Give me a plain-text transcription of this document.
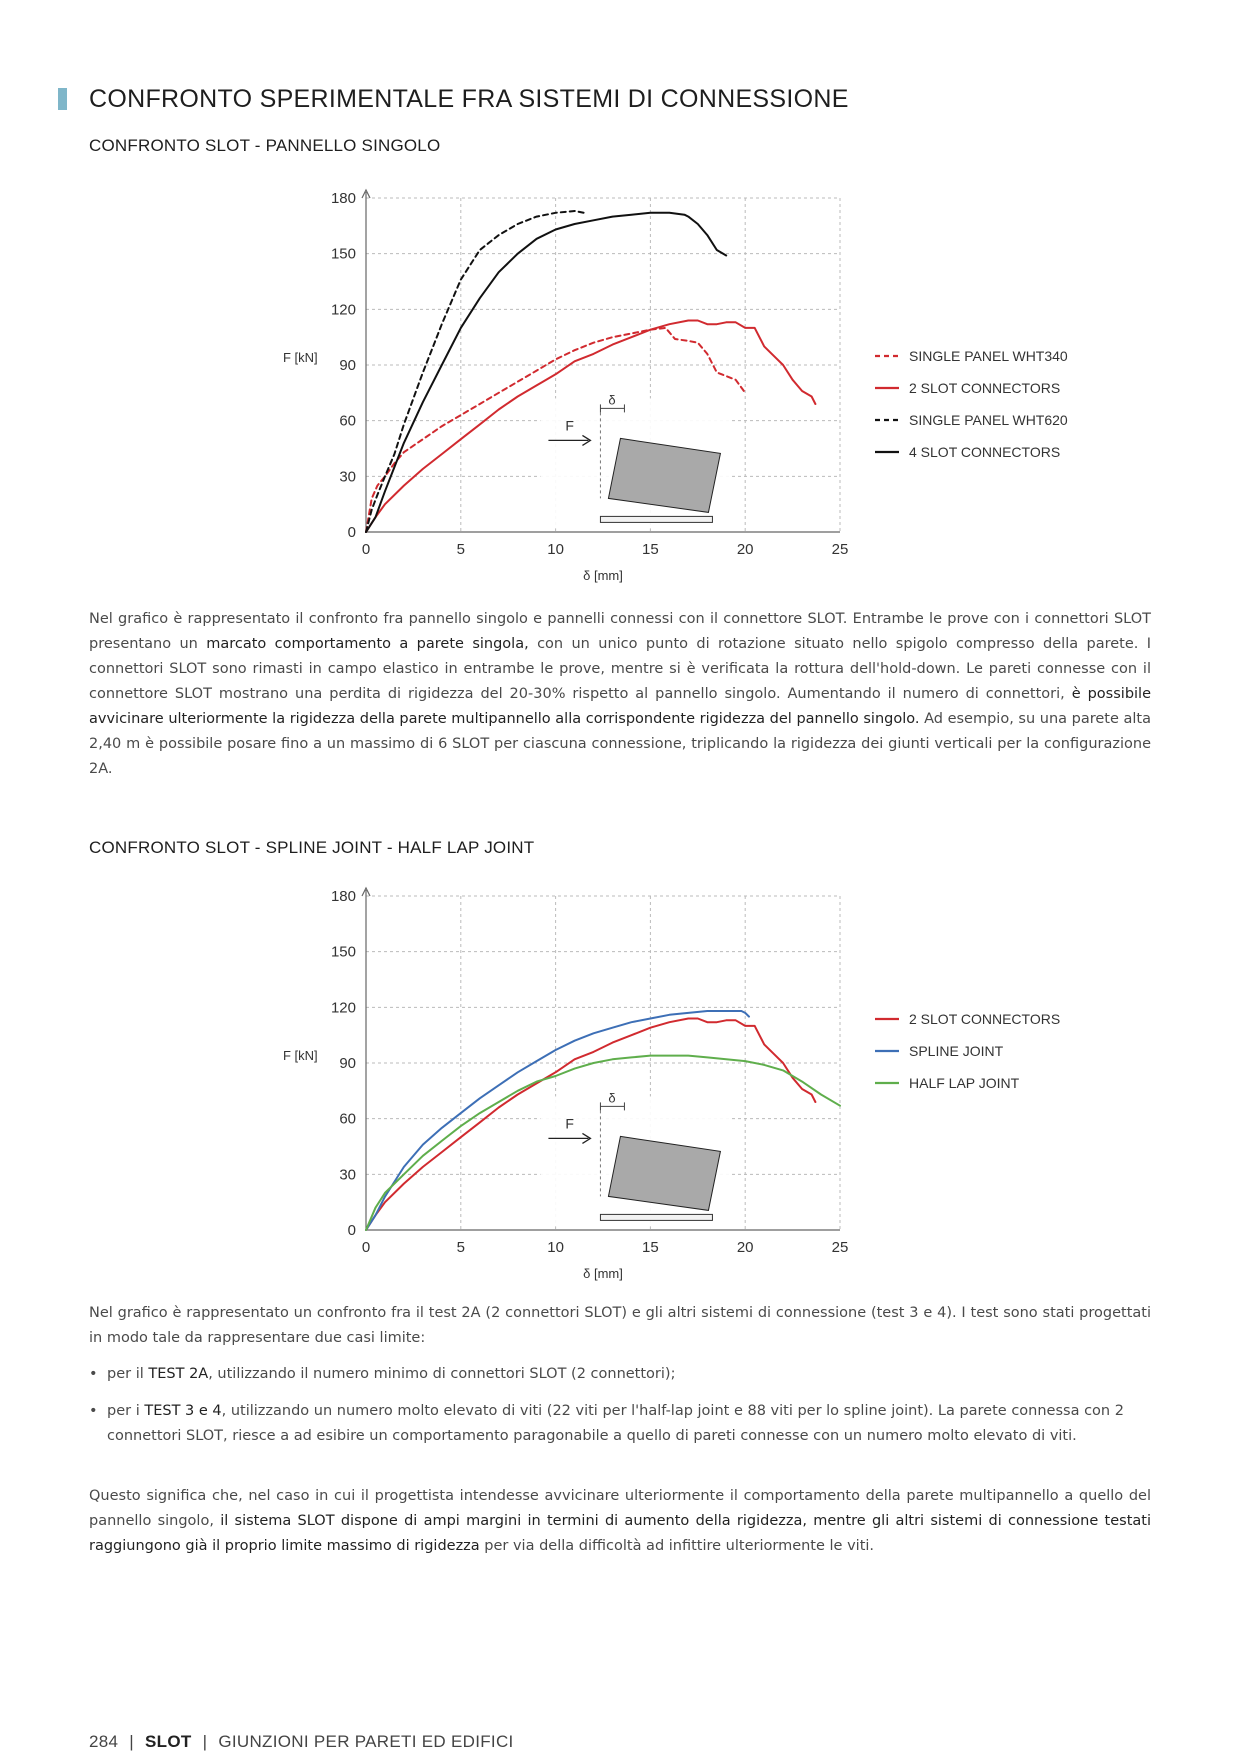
CONFRONTO SPERIMENTALE FRA SISTEMI DI CONNESSIONE
CONFRONTO SLOT - PANNELLO SINGOLO
0	5	10	15	20	25
0
30
60
90
120
150
180
F [kN]
δ [mm]
δ
F
SINGLE PANEL WHT340
2 SLOT CONNECTORS
SINGLE PANEL WHT620
4 SLOT CONNECTORS
Nel grafico è rappresentato il confronto fra pannello singolo e pannelli connessi con il connettore SLOT. Entrambe le prove con i connettori SLOT presentano un marcato comportamento a parete singola, con un unico punto di rotazione situato nello spigolo compresso della parete. I connettori SLOT sono rimasti in campo elastico in entrambe le prove, mentre si è verificata la rottura dell'hold-down. Le pareti connesse con il connettore SLOT mostrano una perdita di rigidezza del 20-30% rispetto al pannello singolo. Aumentando il numero di connettori, è possibile avvicinare ulteriormente la rigidezza della parete multipannello alla corrispondente rigidezza del pannello singolo. Ad esempio, su una parete alta 2,40 m è possibile posare fino a un massimo di 6 SLOT per ciascuna connessione, triplicando la rigidezza dei giunti verticali per la configurazione 2A.
CONFRONTO SLOT - SPLINE JOINT - HALF LAP JOINT
0	5	10	15	20	25
0
30
60
90
120
150
180
F [kN]
δ [mm]
δ
F
2 SLOT CONNECTORS
SPLINE JOINT
HALF LAP JOINT
Nel grafico è rappresentato un confronto fra il test 2A (2 connettori SLOT) e gli altri sistemi di connessione (test 3 e 4). I test sono stati progettati in modo tale da rappresentare due casi limite:
• per il TEST 2A, utilizzando il numero minimo di connettori SLOT (2 connettori);
• per i TEST 3 e 4, utilizzando un numero molto elevato di viti (22 viti per l'half-lap joint e 88 viti per lo spline joint). La parete connessa con 2 connettori SLOT, riesce a ad esibire un comportamento paragonabile a quello di pareti connesse con un numero molto elevato di viti.
Questo significa che, nel caso in cui il progettista intendesse avvicinare ulteriormente il comportamento della parete multipannello a quello del pannello singolo, il sistema SLOT dispone di ampi margini in termini di aumento della rigidezza, mentre gli altri sistemi di connessione testati raggiungono già il proprio limite massimo di rigidezza per via della difficoltà ad infittire ulteriormente le viti.
284 | SLOT | GIUNZIONI PER PARETI ED EDIFICI
